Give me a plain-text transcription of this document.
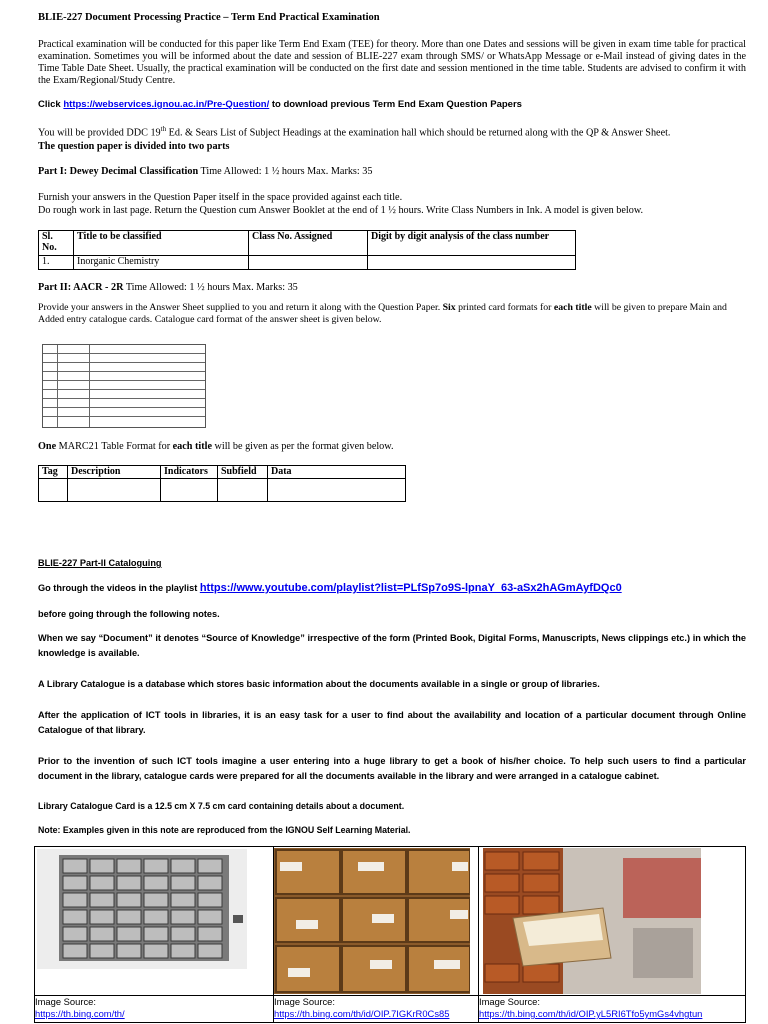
BLIE-227 Document Processing Practice – Term End Practical Examination

Practical examination will be conducted for this paper like Term End Exam (TEE) for theory. More than one Dates and sessions will be given in exam time table for practical examination. Sometimes you will be informed about the date and session of BLIE-227 exam through SMS/ or WhatsApp Message or e-Mail instead of giving dates in the Time Table Date Sheet. Usually, the practical examination will be conducted on the first date and session mentioned in the time table. Students are advised to confirm it with the Exam/Regional/Study Centre.

Click https://webservices.ignou.ac.in/Pre-Question/ to download previous Term End Exam Question Papers

You will be provided DDC 19th Ed. & Sears List of Subject Headings at the examination hall which should be returned along with the QP & Answer Sheet.

The question paper is divided into two parts

Part I: Dewey Decimal Classification Time Allowed: 1 ½ hours Max. Marks: 35

Furnish your answers in the Question Paper itself in the space provided against each title.

Do rough work in last page. Return the Question cum Answer Booklet at the end of 1 ½ hours. Write Class Numbers in Ink. A model is given below.

Sl. No.	Title to be classified	Class No. Assigned	Digit by digit analysis of the class number
1.	Inorganic Chemistry		

Part II: AACR - 2R Time Allowed: 1 ½ hours Max. Marks: 35

Provide your answers in the Answer Sheet supplied to you and return it along with the Question Paper. Six printed card formats for each title will be given to prepare Main and Added entry catalogue cards. Catalogue card format of the answer sheet is given below.

One MARC21 Table Format for each title will be given as per the format given below.

Tag	Description	Indicators	Subfield	Data

BLIE-227 Part-II Cataloguing

Go through the videos in the playlist https://www.youtube.com/playlist?list=PLfSp7o9S-lpnaY_63-aSx2hAGmAyfDQc0

before going through the following notes.

When we say “Document” it denotes “Source of Knowledge” irrespective of the form (Printed Book, Digital Forms, Manuscripts, News clippings etc.) in which the knowledge is available.

A Library Catalogue is a database which stores basic information about the documents available in a single or group of libraries.

After the application of ICT tools in libraries, it is an easy task for a user to find about the availability and location of a particular document through Online Catalogue of that library.

Prior to the invention of such ICT tools imagine a user entering into a huge library to get a book of his/her choice. To help such users to find a particular document in the library, catalogue cards were prepared for all the documents available in the library and were arranged in a catalogue cabinet.

Library Catalogue Card is a 12.5 cm X 7.5 cm card containing details about a document.

Note: Examples given in this note are reproduced from the IGNOU Self Learning Material.

Image Source:
https://th.bing.com/th/	Image Source:
https://th.bing.com/th/id/OIP.7IGKrR0Cs85	Image Source:
https://th.bing.com/th/id/OIP.yL5RI6Tfo5ymGs4vhgtun
